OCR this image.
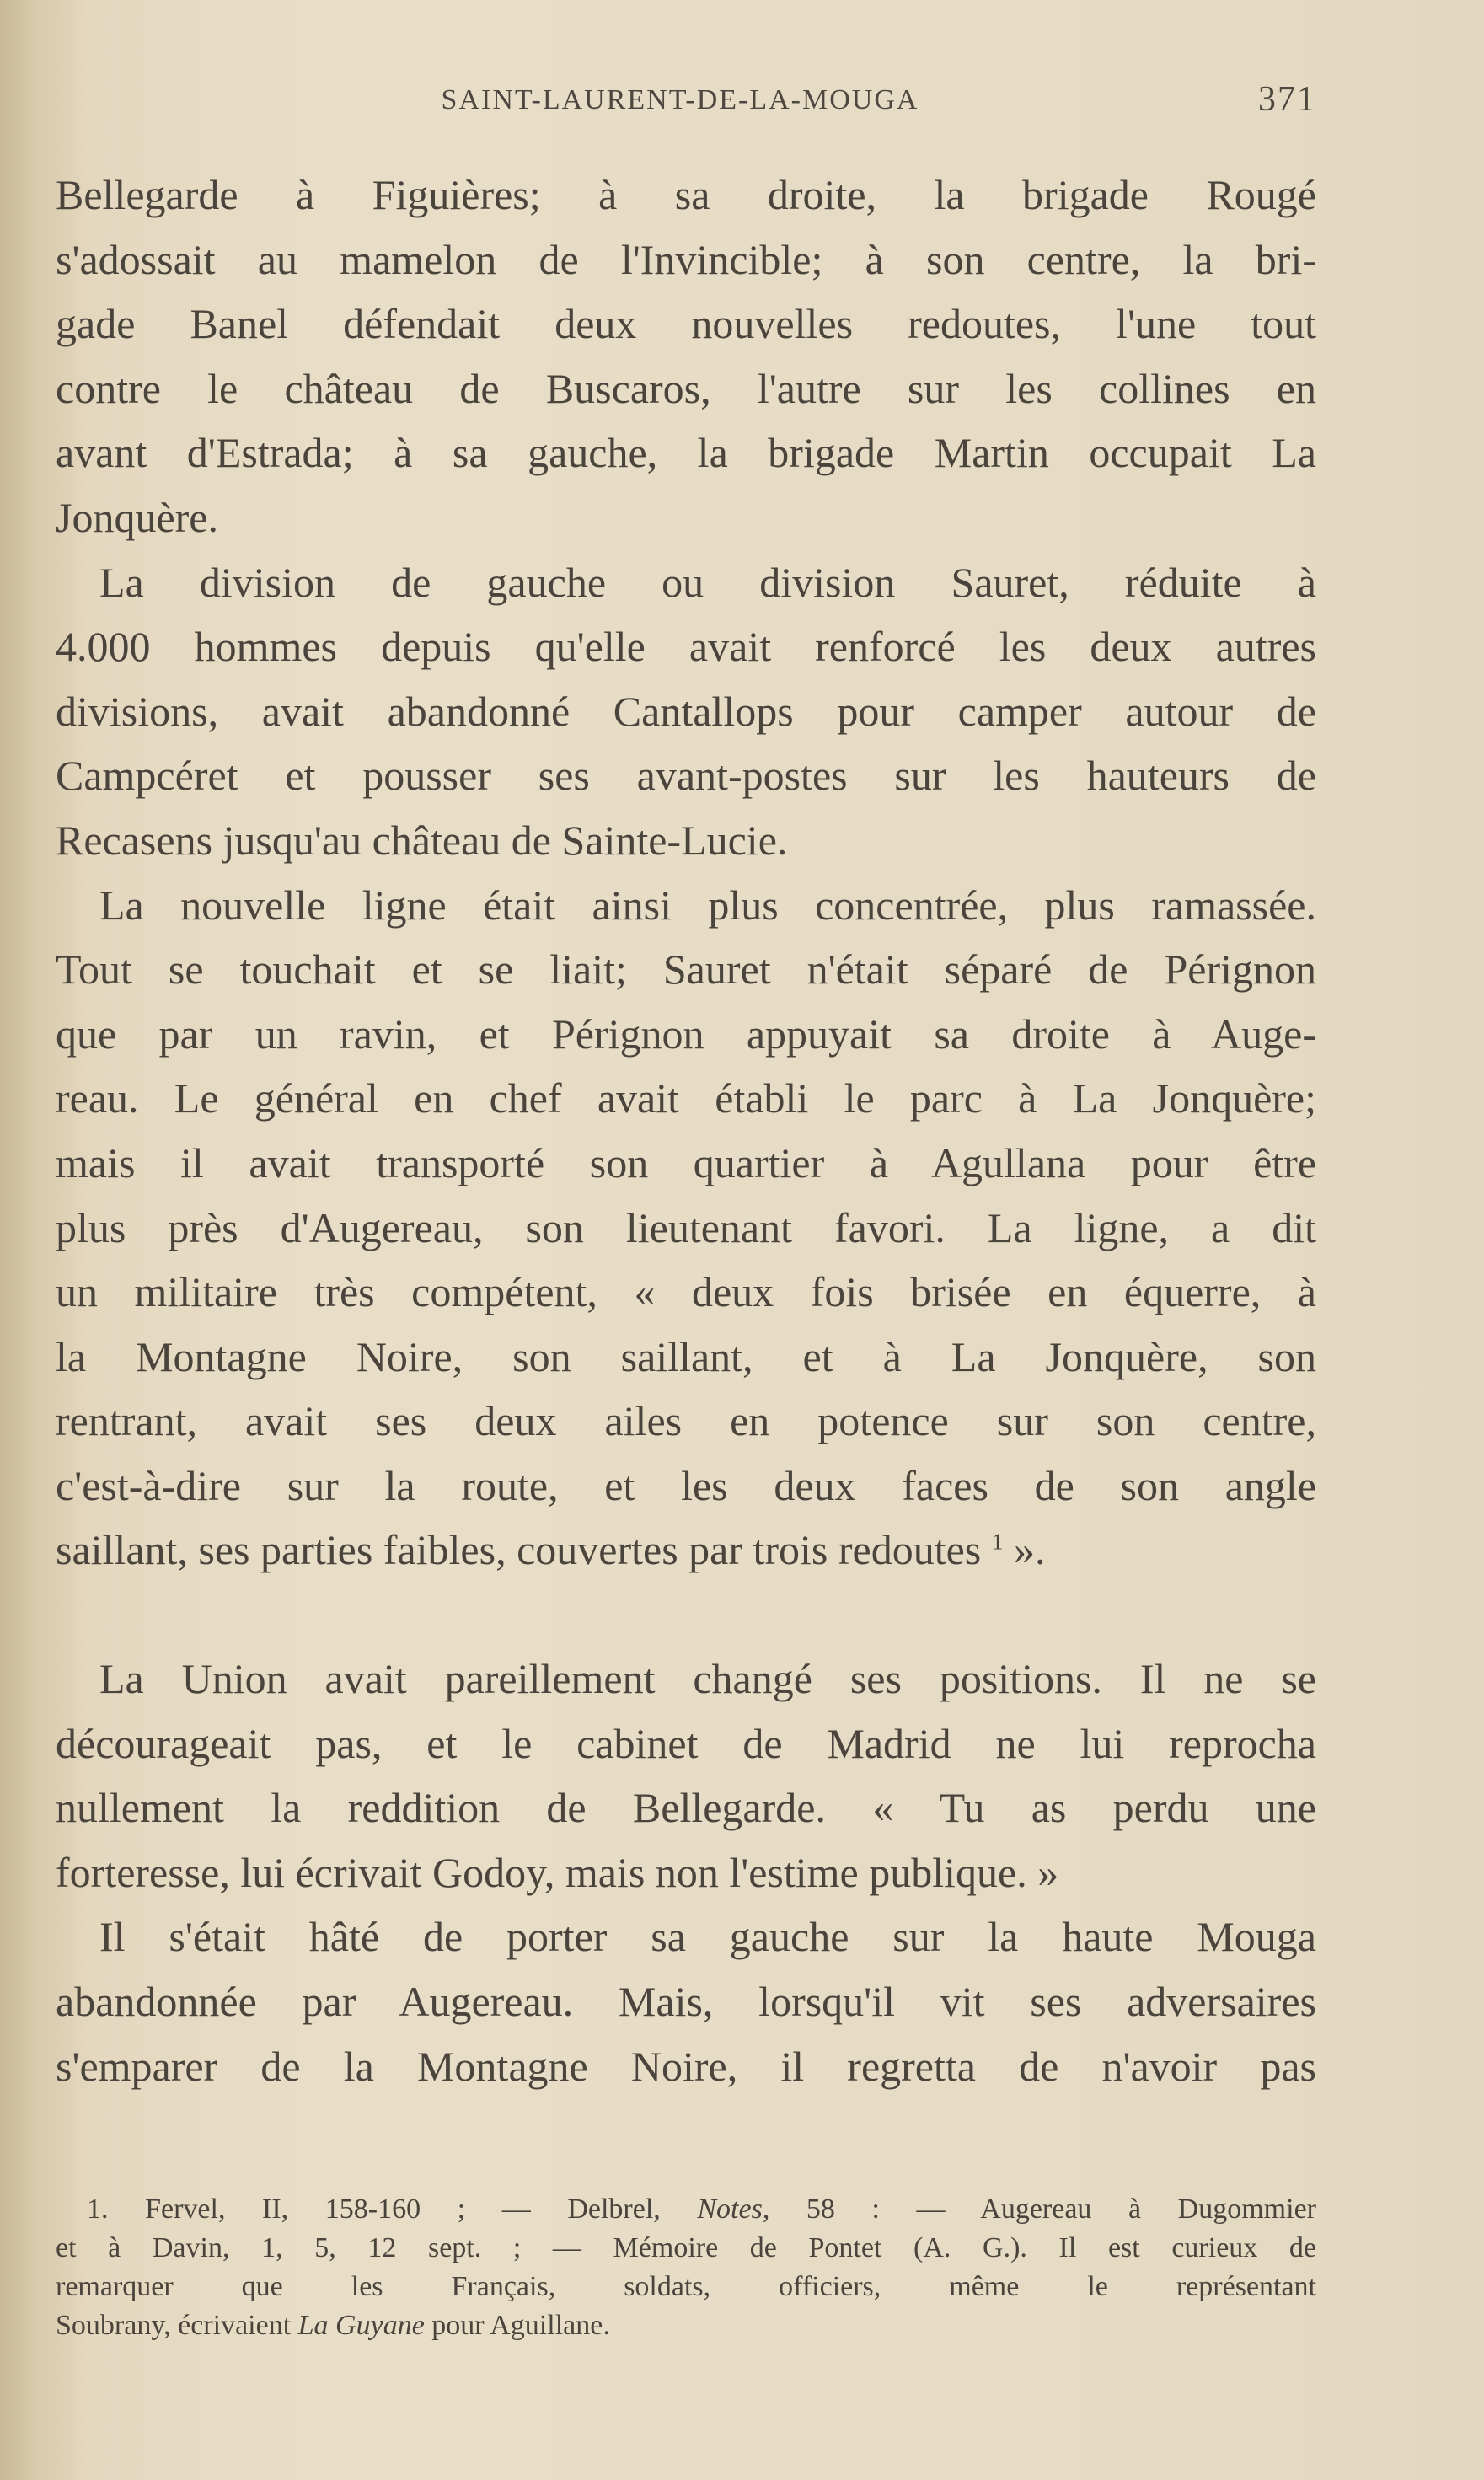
SAINT-LAURENT-DE-LA-MOUGA	371
Bellegarde à Figuières; à sa droite, la brigade Rougé
s'adossait au mamelon de l'Invincible; à son centre, la bri-
gade Banel défendait deux nouvelles redoutes, l'une tout
contre le château de Buscaros, l'autre sur les collines en
avant d'Estrada; à sa gauche, la brigade Martin occupait La
Jonquère.
La division de gauche ou division Sauret, réduite à
4.000 hommes depuis qu'elle avait renforcé les deux autres
divisions, avait abandonné Cantallops pour camper autour de
Campcéret et pousser ses avant-postes sur les hauteurs de
Recasens jusqu'au château de Sainte-Lucie.
La nouvelle ligne était ainsi plus concentrée, plus ramassée.
Tout se touchait et se liait; Sauret n'était séparé de Pérignon
que par un ravin, et Pérignon appuyait sa droite à Auge-
reau. Le général en chef avait établi le parc à La Jonquère;
mais il avait transporté son quartier à Agullana pour être
plus près d'Augereau, son lieutenant favori. La ligne, a dit
un militaire très compétent, « deux fois brisée en équerre, à
la Montagne Noire, son saillant, et à La Jonquère, son
rentrant, avait ses deux ailes en potence sur son centre,
c'est-à-dire sur la route, et les deux faces de son angle
saillant, ses parties faibles, couvertes par trois redoutes $^1$ ».
La Union avait pareillement changé ses positions. Il ne se
décourageait pas, et le cabinet de Madrid ne lui reprocha
nullement la reddition de Bellegarde. « Tu as perdu une
forteresse, lui écrivait Godoy, mais non l'estime publique. »
Il s'était hâté de porter sa gauche sur la haute Mouga
abandonnée par Augereau. Mais, lorsqu'il vit ses adversaires
s'emparer de la Montagne Noire, il regretta de n'avoir pas
1. Fervel, II, 158-160 ; — Delbrel, Notes, 58 : — Augereau à Dugommier
et à Davin, 1, 5, 12 sept. ; — Mémoire de Pontet (A. G.). Il est curieux de
remarquer que les Français, soldats, officiers, même le représentant
Soubrany, écrivaient La Guyane pour Aguillane.
